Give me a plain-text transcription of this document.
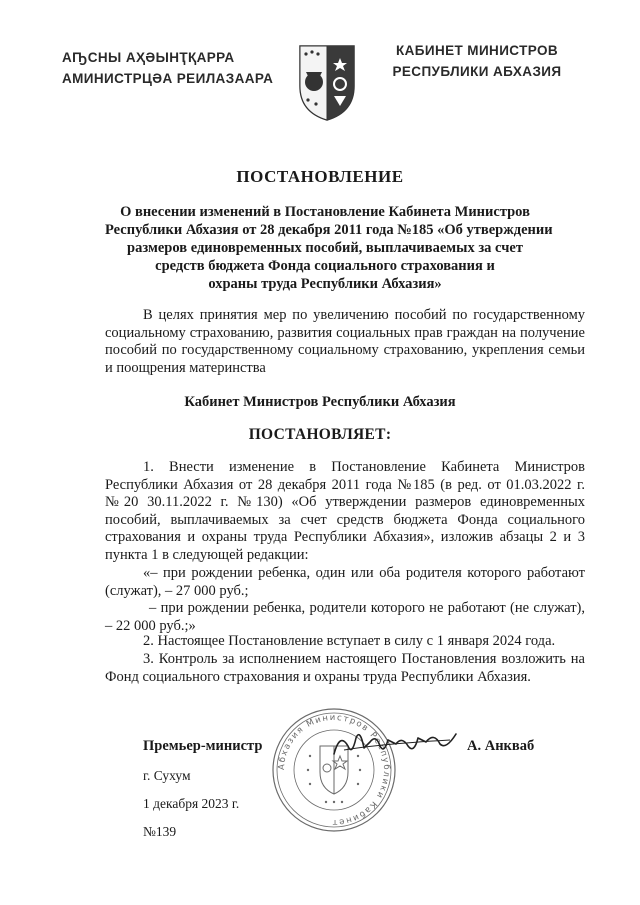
АҦСНЫ АҲӘЫНҬҚАРРА
АМИНИСТРЦӘА РЕИЛАЗААРА
КАБИНЕТ МИНИСТРОВ
РЕСПУБЛИКИ АБХАЗИЯ
ПОСТАНОВЛЕНИЕ
О внесении изменений в Постановление Кабинета Министров
Республики Абхазия от 28 декабря 2011 года №185 «Об утверждении
размеров единовременных пособий, выплачиваемых за счет
средств бюджета Фонда социального страхования и
охраны труда Республики Абхазия»
В целях принятия мер по увеличению пособий по государственному социальному страхованию, развития социальных прав граждан на получение пособий по государственному социальному страхованию, укрепления семьи и поощрения материнства
Кабинет Министров Республики Абхазия
ПОСТАНОВЛЯЕТ:
1. Внести изменение в Постановление Кабинета Министров Республики Абхазия от 28 декабря 2011 года №185 (в ред. от 01.03.2022 г. №20 30.11.2022 г. №130) «Об утверждении размеров единовременных пособий, выплачиваемых за счет средств бюджета Фонда социального страхования и охраны труда Республики Абхазия», изложив абзацы 2 и 3 пункта 1 в следующей редакции:
«– при рождении ребенка, один или оба родителя которого работают (служат), – 27 000 руб.;
– при рождении ребенка, родители которого не работают (не служат), – 22 000 руб.;»
2. Настоящее Постановление вступает в силу с 1 января 2024 года.
3. Контроль за исполнением настоящего Постановления возложить на Фонд социального страхования и охраны труда Республики Абхазия.
Абхазия Министров Республики Кабинет
Премьер-министр	А. Анкваб
г. Сухум
1 декабря 2023 г.
№139
